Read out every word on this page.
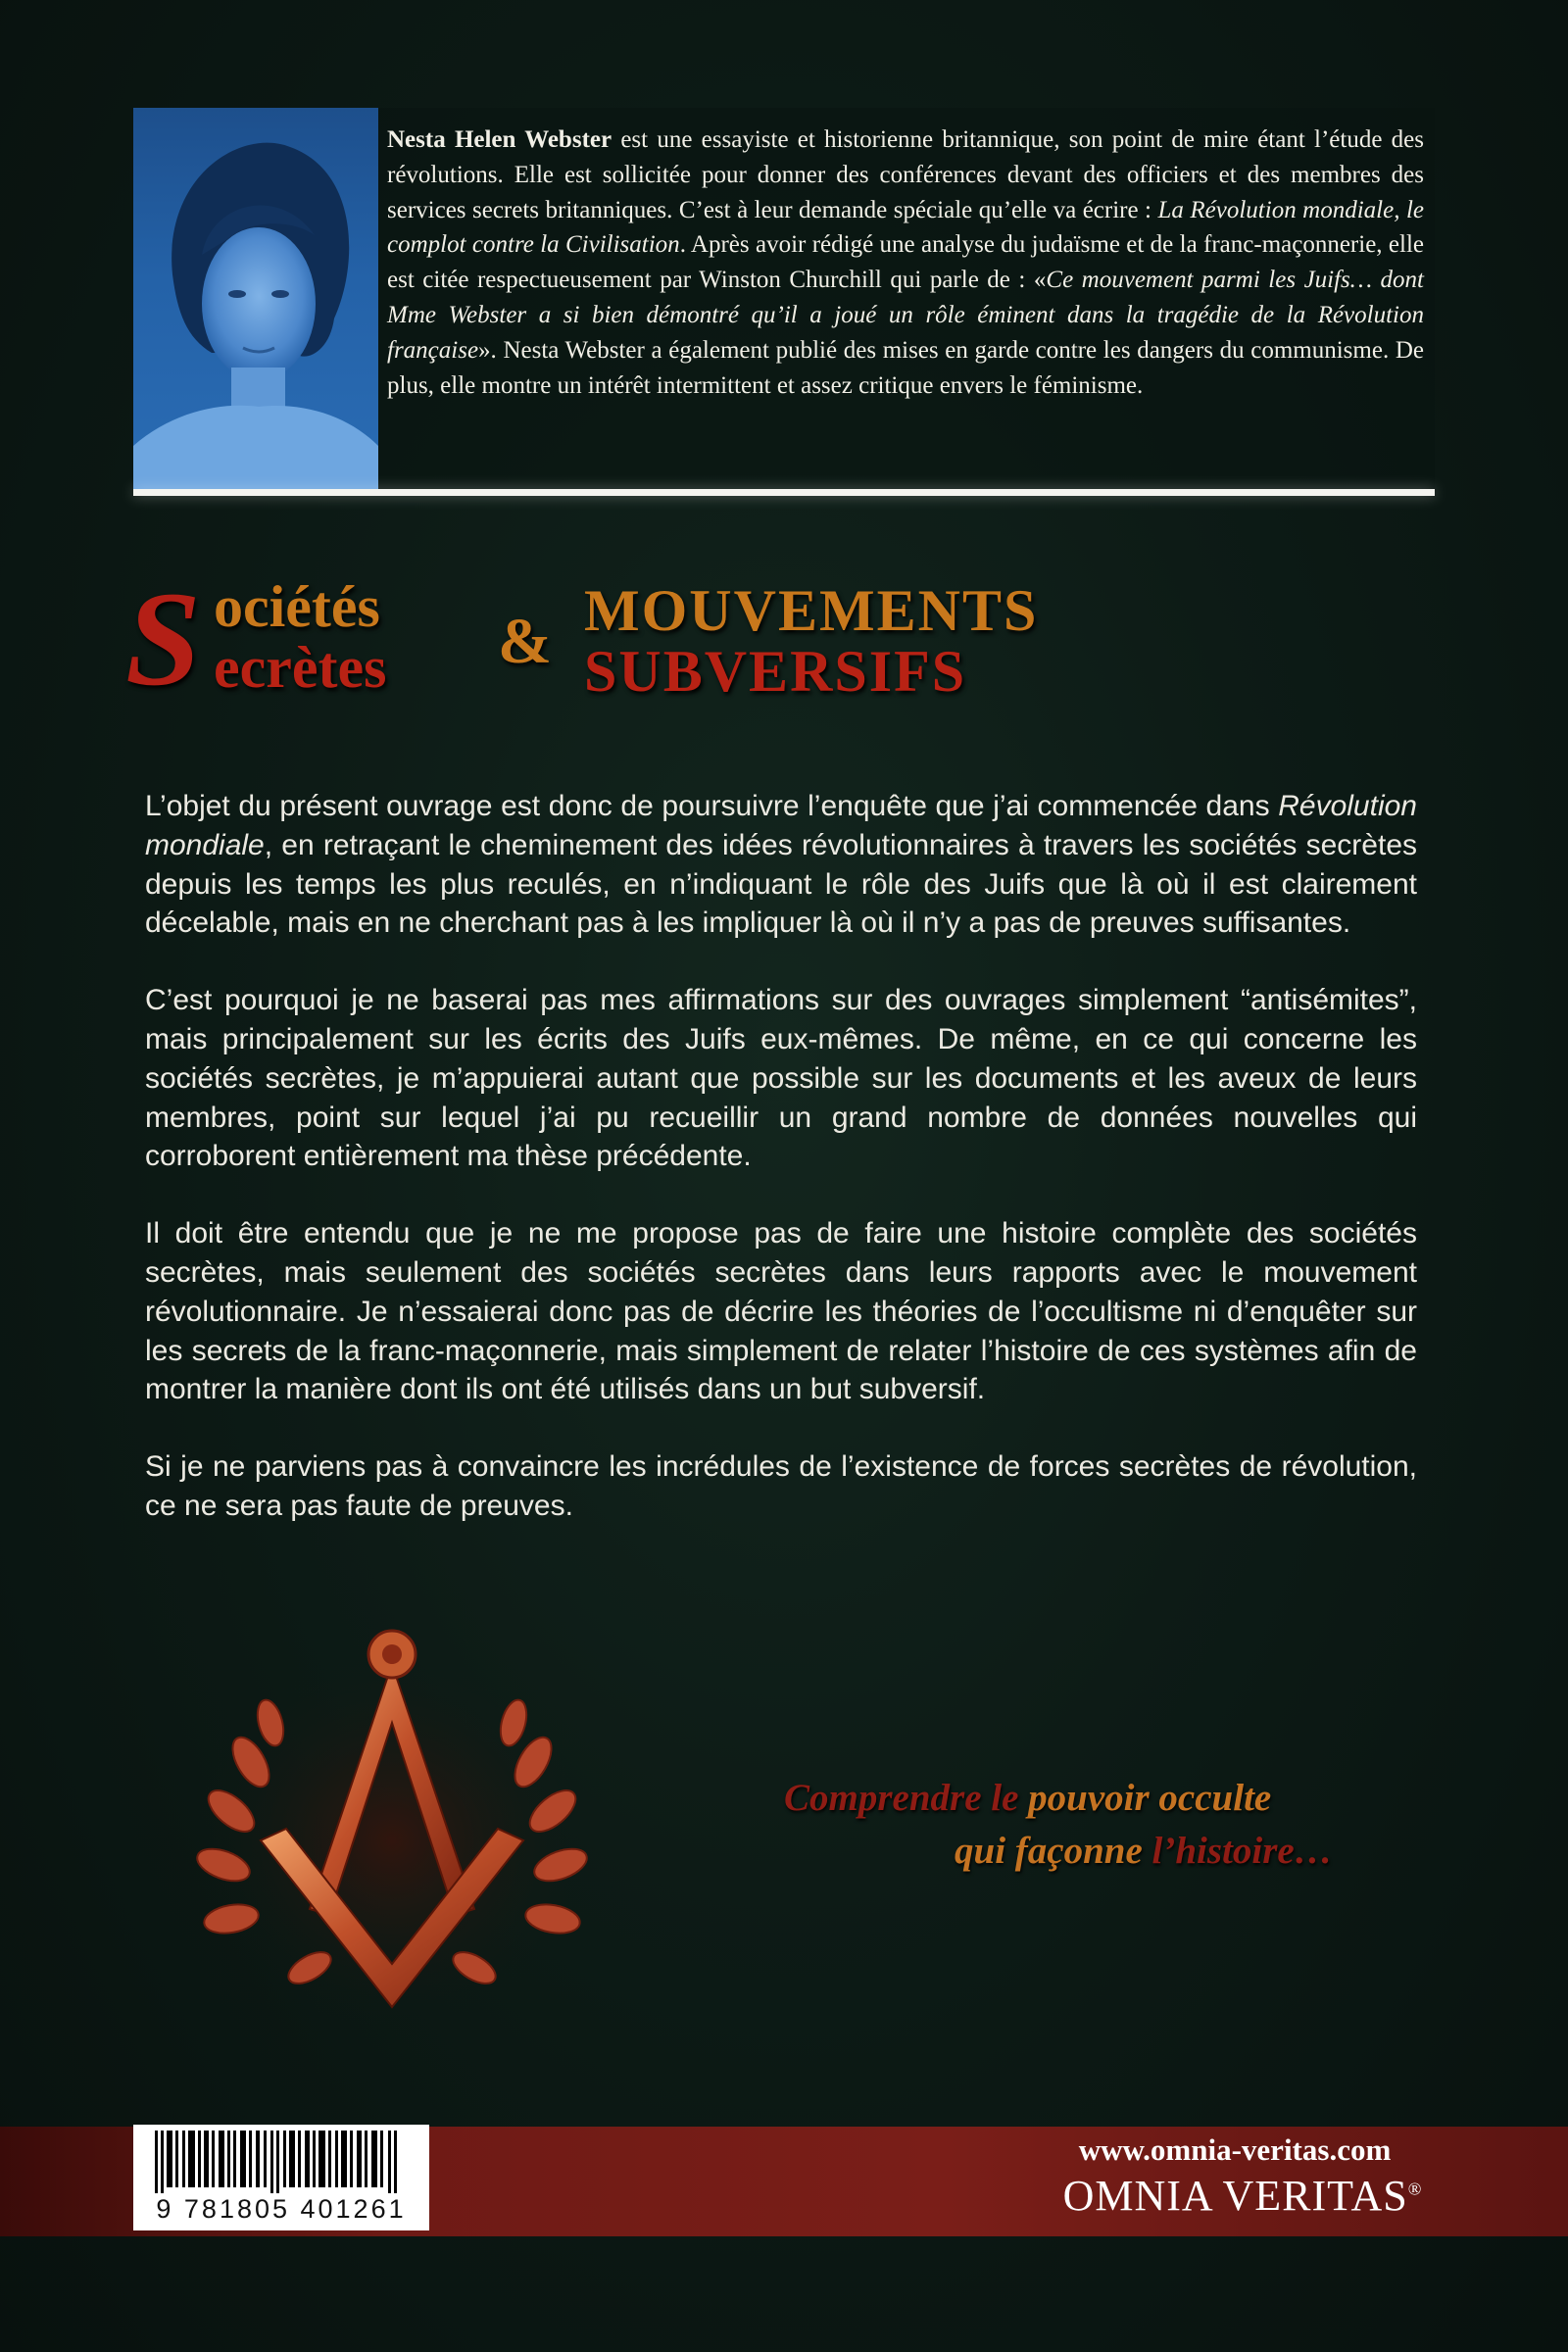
Nesta Helen Webster est une essayiste et historienne britannique, son point de mire étant l’étude des révolutions. Elle est sollicitée pour donner des conférences devant des officiers et des membres des services secrets britanniques. C’est à leur demande spéciale qu’elle va écrire : La Révolution mondiale, le complot contre la Civilisation. Après avoir rédigé une analyse du judaïsme et de la franc-maçonnerie, elle est citée respectueusement par Winston Churchill qui parle de : «Ce mouvement parmi les Juifs… dont Mme Webster a si bien démontré qu’il a joué un rôle éminent dans la tragédie de la Révolution française». Nesta Webster a également publié des mises en garde contre les dangers du communisme. De plus, elle montre un intérêt intermittent et assez critique envers le féminisme.

S ociétés
ecrètes & MOUVEMENTS
SUBVERSIFS

L’objet du présent ouvrage est donc de poursuivre l’enquête que j’ai commencée dans Révolution mondiale, en retraçant le cheminement des idées révolutionnaires à travers les sociétés secrètes depuis les temps les plus reculés, en n’indiquant le rôle des Juifs que là où il est clairement décelable, mais en ne cherchant pas à les impliquer là où il n’y a pas de preuves suffisantes.

C’est pourquoi je ne baserai pas mes affirmations sur des ouvrages simplement “antisémites”, mais principalement sur les écrits des Juifs eux-mêmes. De même, en ce qui concerne les sociétés secrètes, je m’appuierai autant que possible sur les documents et les aveux de leurs membres, point sur lequel j’ai pu recueillir un grand nombre de données nouvelles qui corroborent entièrement ma thèse précédente.

Il doit être entendu que je ne me propose pas de faire une histoire complète des sociétés secrètes, mais seulement des sociétés secrètes dans leurs rapports avec le mouvement révolutionnaire. Je n’essaierai donc pas de décrire les théories de l’occultisme ni d’enquêter sur les secrets de la franc-maçonnerie, mais simplement de relater l’histoire de ces systèmes afin de montrer la manière dont ils ont été utilisés dans un but subversif.

Si je ne parviens pas à convaincre les incrédules de l’existence de forces secrètes de révolution, ce ne sera pas faute de preuves.

Comprendre le pouvoir occulte
qui façonne l’histoire…
9 781805 401261
www.omnia-veritas.com
OMNIA VERITAS®
